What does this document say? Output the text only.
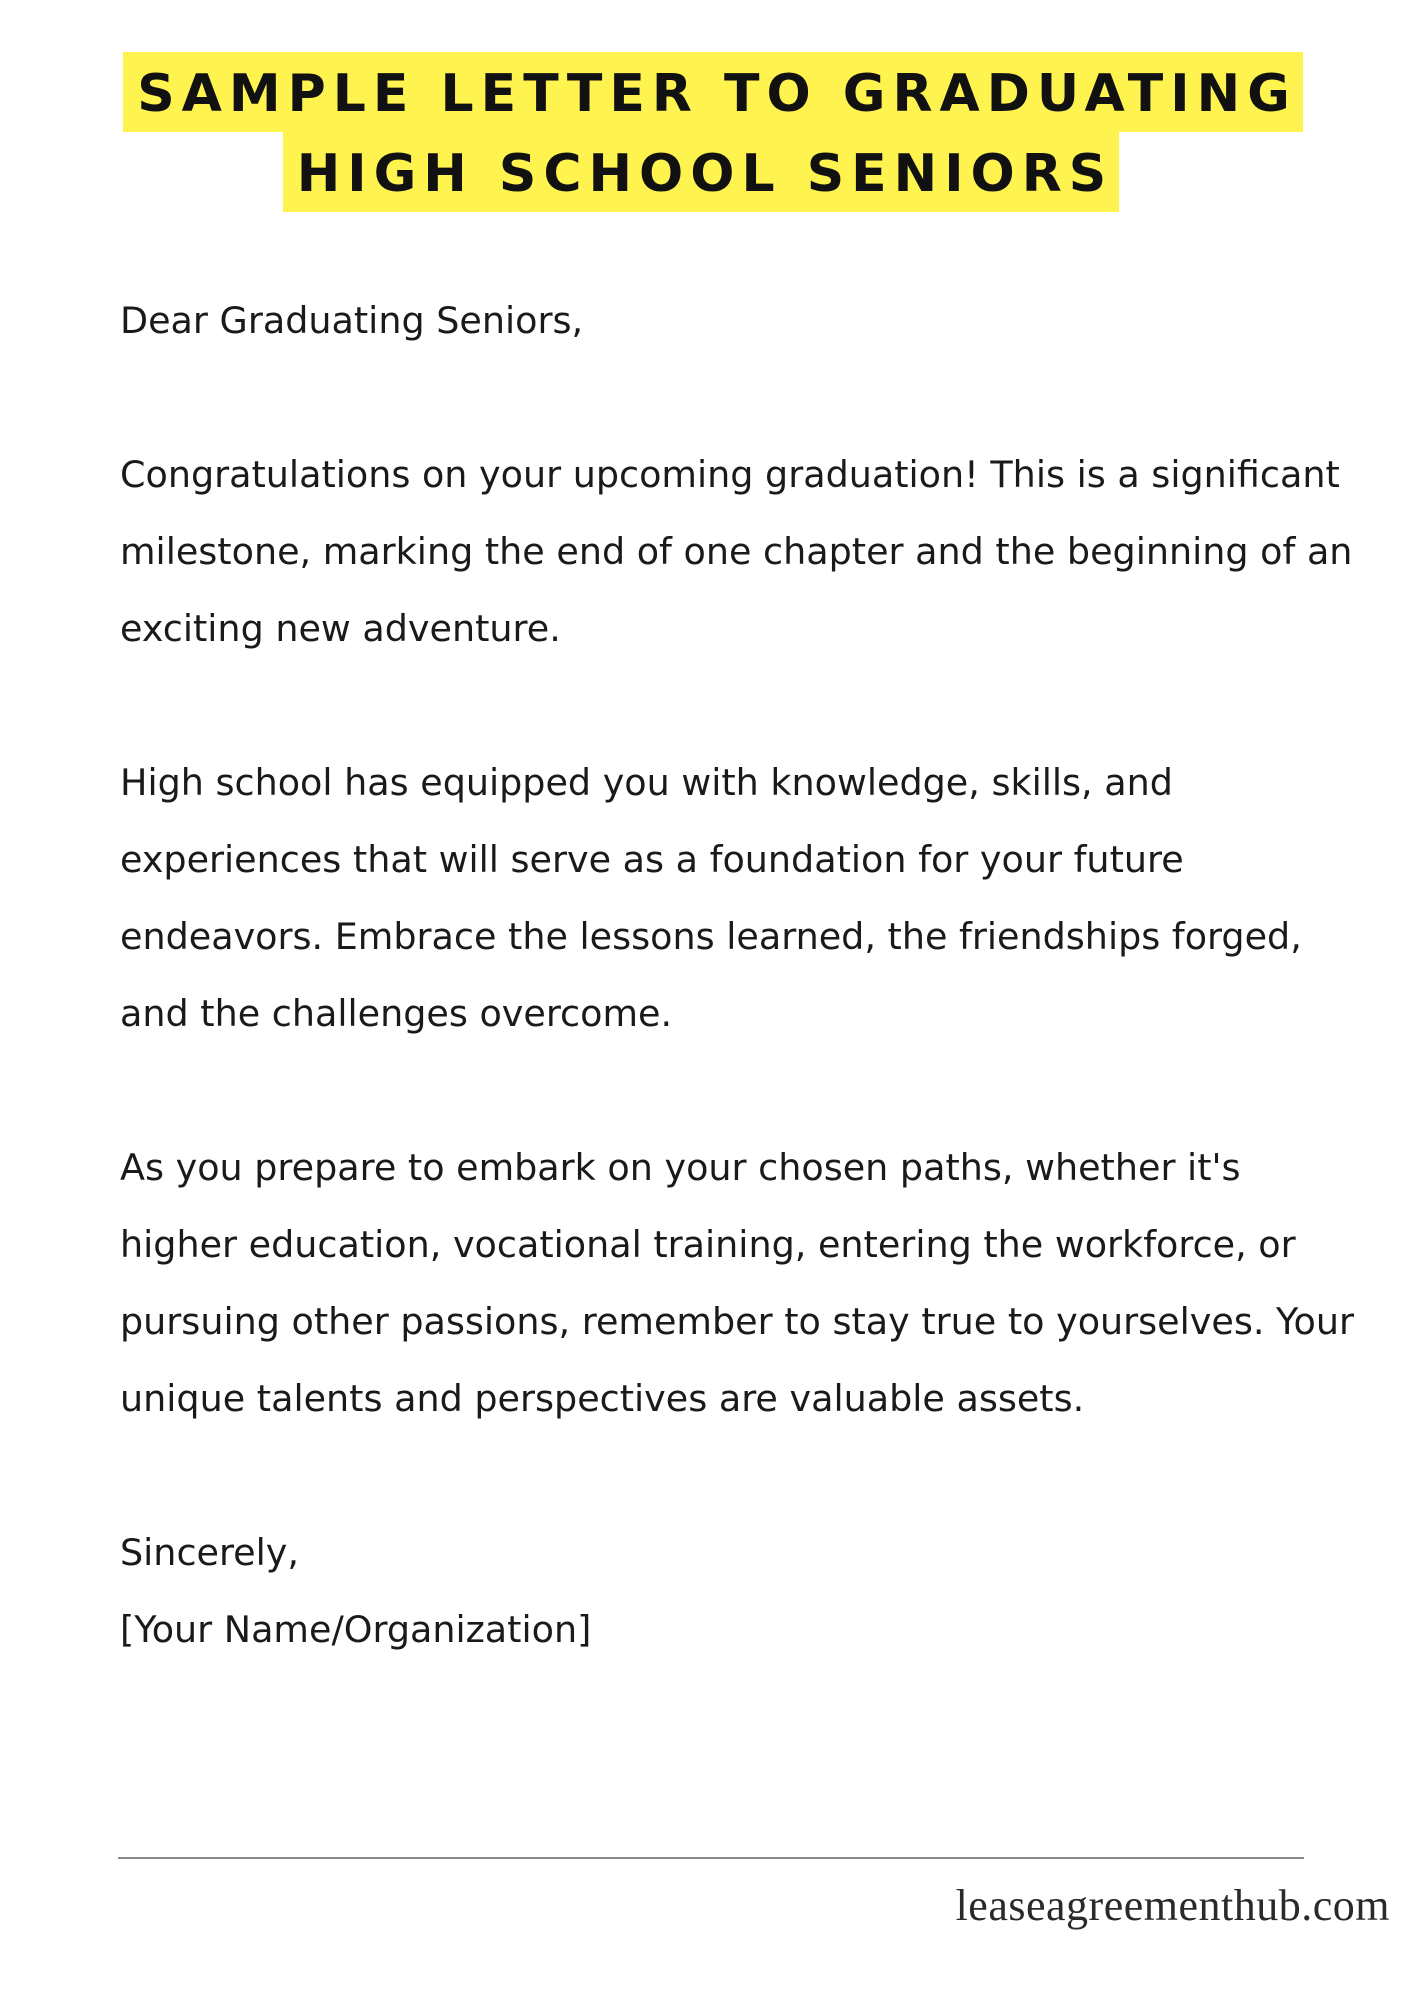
SAMPLE LETTER TO GRADUATING
HIGH SCHOOL SENIORS

Dear Graduating Seniors,

Congratulations on your upcoming graduation! This is a significant milestone, marking the end of one chapter and the beginning of an exciting new adventure.

High school has equipped you with knowledge, skills, and experiences that will serve as a foundation for your future endeavors. Embrace the lessons learned, the friendships forged, and the challenges overcome.

As you prepare to embark on your chosen paths, whether it's higher education, vocational training, entering the workforce, or pursuing other passions, remember to stay true to yourselves. Your unique talents and perspectives are valuable assets.

Sincerely,
[Your Name/Organization]

leaseagreementhub.com
